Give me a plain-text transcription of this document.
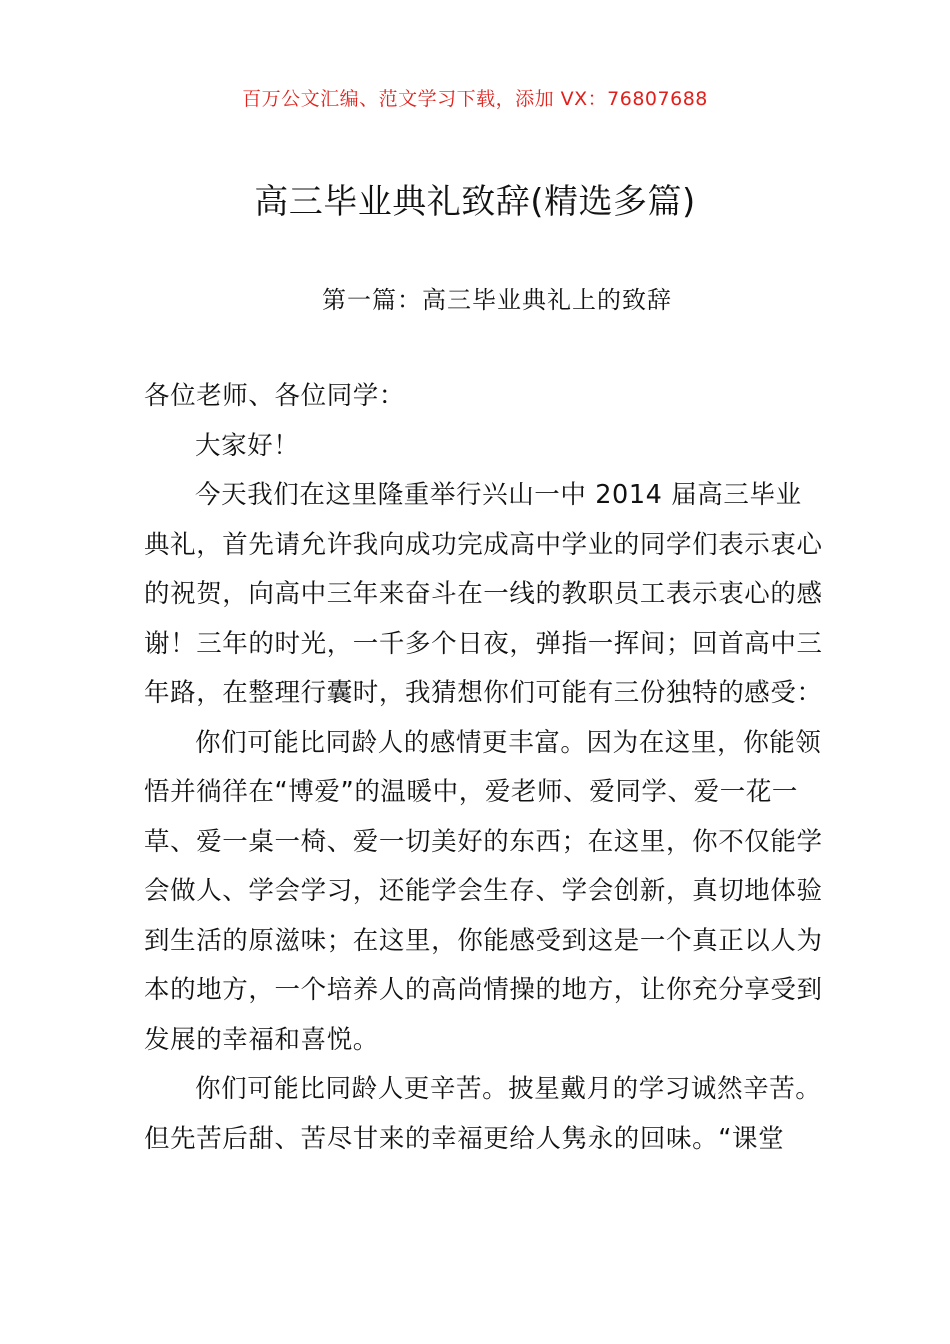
百万公文汇编、范文学习下载，添加 VX：76807688
高三毕业典礼致辞(精选多篇)
第一篇：高三毕业典礼上的致辞

各位老师、各位同学：

大家好！

今天我们在这里隆重举行兴山一中 2014 届高三毕业典礼，首先请允许我向成功完成高中学业的同学们表示衷心的祝贺，向高中三年来奋斗在一线的教职员工表示衷心的感谢！三年的时光，一千多个日夜，弹指一挥间；回首高中三年路，在整理行囊时，我猜想你们可能有三份独特的感受：

你们可能比同龄人的感情更丰富。因为在这里，你能领悟并徜徉在“博爱”的温暖中，爱老师、爱同学、爱一花一草、爱一桌一椅、爱一切美好的东西；在这里，你不仅能学会做人、学会学习，还能学会生存、学会创新，真切地体验到生活的原滋味；在这里，你能感受到这是一个真正以人为本的地方，一个培养人的高尚情操的地方，让你充分享受到发展的幸福和喜悦。

你们可能比同龄人更辛苦。披星戴月的学习诚然辛苦。但先苦后甜、苦尽甘来的幸福更给人隽永的回味。“课堂
